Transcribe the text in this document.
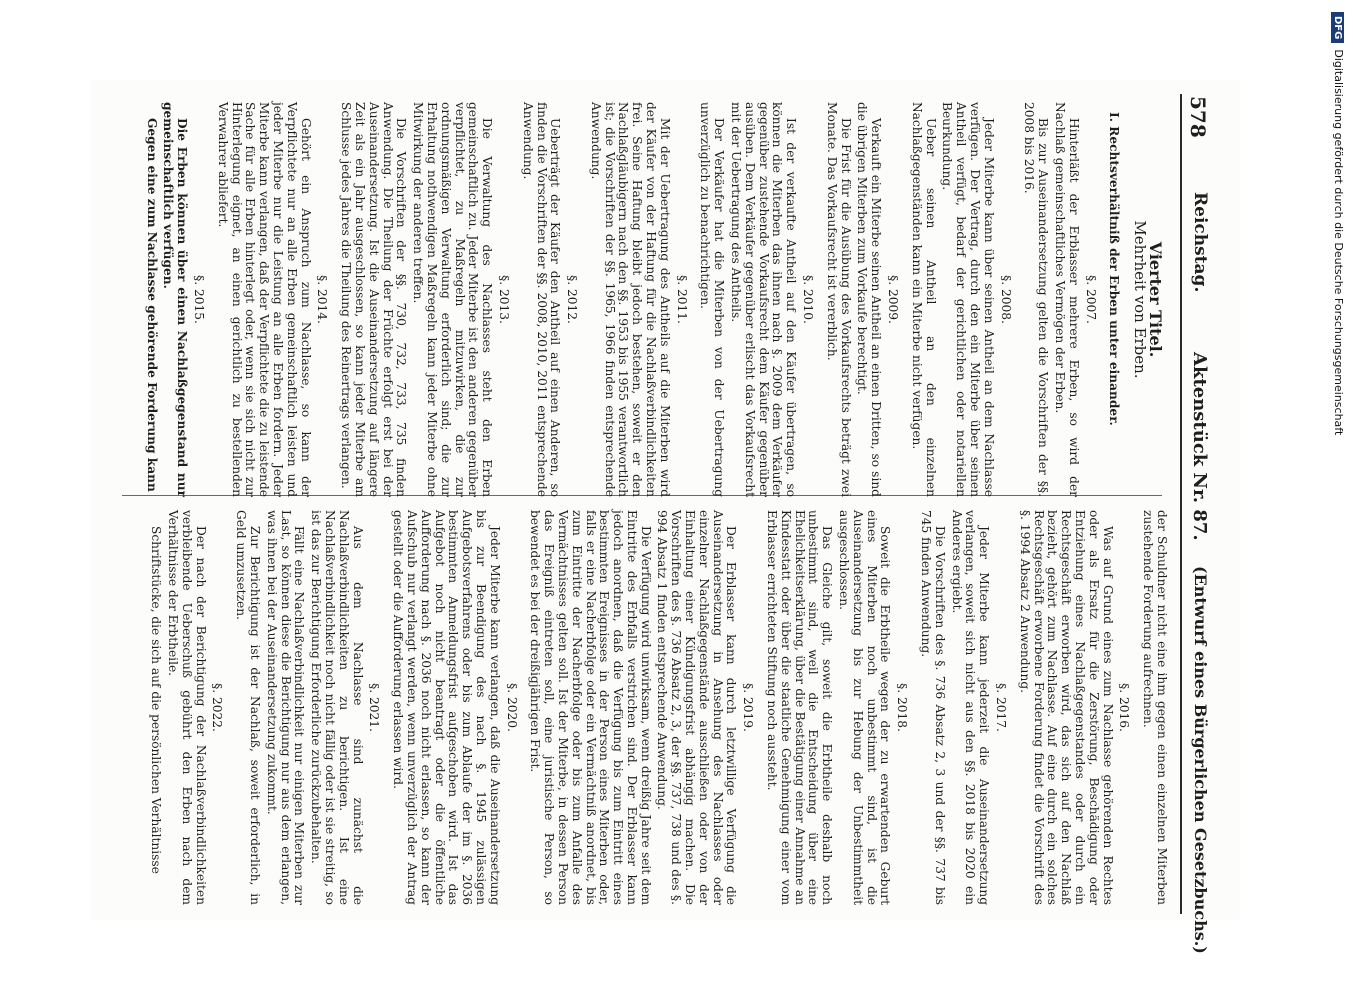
578
Reichstag.
Aktenstück Nr. 87.
(Entwurf eines Bürgerlichen Gesetzbuchs.)
Vierter Titel.
Mehrheit von Erben.
I. Rechtsverhältniß der Erben unter einander.
§. 2007.

Hinterläßt der Erblasser mehrere Erben, so wird der Nachlaß gemeinschaftliches Vermögen der Erben.

Bis zur Auseinandersetzung gelten die Vorschriften der §§. 2008 bis 2016.

§. 2008.

Jeder Miterbe kann über seinen Antheil an dem Nachlasse verfügen. Der Vertrag, durch den ein Miterbe über seinen Antheil verfügt, bedarf der gerichtlichen oder notariellen Beurkundung.

Ueber seinen Antheil an den einzelnen Nachlaßgegenständen kann ein Miterbe nicht verfügen.

§. 2009.

Verkauft ein Miterbe seinen Antheil an einen Dritten, so sind die übrigen Miterben zum Vorkaufe berechtigt.

Die Frist für die Ausübung des Vorkaufsrechts beträgt zwei Monate. Das Vorkaufsrecht ist vererblich.

§. 2010.

Ist der verkaufte Antheil auf den Käufer übertragen, so können die Miterben das ihnen nach §. 2009 dem Verkäufer gegenüber zustehende Vorkaufsrecht dem Käufer gegenüber ausüben. Dem Verkäufer gegenüber erlischt das Vorkaufsrecht mit der Uebertragung des Antheils.

Der Verkäufer hat die Miterben von der Uebertragung unverzüglich zu benachrichtigen.

§. 2011.

Mit der Uebertragung des Antheils auf die Miterben wird der Käufer von der Haftung für die Nachlaßverbindlichkeiten frei. Seine Haftung bleibt jedoch bestehen, soweit er den Nachlaßgläubigern nach den §§. 1953 bis 1955 verantwortlich ist; die Vorschriften der §§. 1965, 1966 finden entsprechende Anwendung.

§. 2012.

Ueberträgt der Käufer den Antheil auf einen Anderen, so finden die Vorschriften der §§. 2008, 2010, 2011 entsprechende Anwendung.

§. 2013.

Die Verwaltung des Nachlasses steht den Erben gemeinschaftlich zu. Jeder Miterbe ist den anderen gegenüber verpflichtet, zu Maßregeln mitzuwirken, die zur ordnungsmäßigen Verwaltung erforderlich sind; die zur Erhaltung nothwendigen Maßregeln kann jeder Miterbe ohne Mitwirkung der anderen treffen.

Die Vorschriften der §§. 730, 732, 733, 735 finden Anwendung. Die Theilung der Früchte erfolgt erst bei der Auseinandersetzung. Ist die Auseinandersetzung auf längere Zeit als ein Jahr ausgeschlossen, so kann jeder Miterbe am Schlusse jedes Jahres die Theilung des Reinertrags verlangen.

§. 2014.

Gehört ein Anspruch zum Nachlasse, so kann der Verpflichtete nur an alle Erben gemeinschaftlich leisten und jeder Miterbe nur die Leistung an alle Erben fordern. Jeder Miterbe kann verlangen, daß der Verpflichtete die zu leistende Sache für alle Erben hinterlegt oder, wenn sie sich nicht zur Hinterlegung eignet, an einen gerichtlich zu bestellenden Verwahrer abliefert.

§. 2015.

Die Erben können über einen Nachlaßgegenstand nur gemeinschaftlich verfügen.

Gegen eine zum Nachlasse gehörende Forderung kann

der Schuldner nicht eine ihm gegen einen einzelnen Miterben zustehende Forderung aufrechnen.

§. 2016.

Was auf Grund eines zum Nachlasse gehörenden Rechtes oder als Ersatz für die Zerstörung, Beschädigung oder Entziehung eines Nachlaßgegenstandes oder durch ein Rechtsgeschäft erworben wird, das sich auf den Nachlaß bezieht, gehört zum Nachlasse. Auf eine durch ein solches Rechtsgeschäft erworbene Forderung findet die Vorschrift des §. 1994 Absatz 2 Anwendung.

§. 2017.

Jeder Miterbe kann jederzeit die Auseinandersetzung verlangen, soweit sich nicht aus den §§. 2018 bis 2020 ein Anderes ergiebt.

Die Vorschriften des §. 736 Absatz 2, 3 und der §§. 737 bis 745 finden Anwendung.

§. 2018.

Soweit die Erbtheile wegen der zu erwartenden Geburt eines Miterben noch unbestimmt sind, ist die Auseinandersetzung bis zur Hebung der Unbestimmtheit ausgeschlossen.

Das Gleiche gilt, soweit die Erbtheile deshalb noch unbestimmt sind, weil die Entscheidung über eine Ehelichkeitserklärung, über die Bestätigung einer Annahme an Kindesstatt oder über die staatliche Genehmigung einer vom Erblasser errichteten Stiftung noch aussteht.

§. 2019.

Der Erblasser kann durch letztwillige Verfügung die Auseinandersetzung in Ansehung des Nachlasses oder einzelner Nachlaßgegenstände ausschließen oder von der Einhaltung einer Kündigungsfrist abhängig machen. Die Vorschriften des §. 736 Absatz 2, 3, der §§. 737, 738 und des §. 994 Absatz 1 finden entsprechende Anwendung.

Die Verfügung wird unwirksam, wenn dreißig Jahre seit dem Eintritte des Erbfalls verstrichen sind. Der Erblasser kann jedoch anordnen, daß die Verfügung bis zum Eintritt eines bestimmten Ereignisses in der Person eines Miterben oder, falls er eine Nacherbfolge oder ein Vermächtniß anordnet, bis zum Eintritte der Nacherbfolge oder bis zum Anfalle des Vermächtnisses gelten soll. Ist der Miterbe, in dessen Person das Ereigniß eintreten soll, eine juristische Person, so bewendet es bei der dreißigjährigen Frist.

§. 2020.

Jeder Miterbe kann verlangen, daß die Auseinandersetzung bis zur Beendigung des nach §. 1945 zulässigen Aufgebotsverfahrens oder bis zum Ablaufe der im §. 2036 bestimmten Anmeldungsfrist aufgeschoben wird. Ist das Aufgebot noch nicht beantragt oder die öffentliche Aufforderung nach §. 2036 noch nicht erlassen, so kann der Aufschub nur verlangt werden, wenn unverzüglich der Antrag gestellt oder die Aufforderung erlassen wird.

§. 2021.

Aus dem Nachlasse sind zunächst die Nachlaßverbindlichkeiten zu berichtigen. Ist eine Nachlaßverbindlichkeit noch nicht fällig oder ist sie streitig, so ist das zur Berichtigung Erforderliche zurückzubehalten.

Fällt eine Nachlaßverbindlichkeit nur einigen Miterben zur Last, so können diese die Berichtigung nur aus dem erlangen, was ihnen bei der Auseinandersetzung zukommt.

Zur Berichtigung ist der Nachlaß, soweit erforderlich, in Geld umzusetzen.

§. 2022.

Der nach der Berichtigung der Nachlaßverbindlichkeiten verbleibende Ueberschuß gebührt den Erben nach dem Verhältnisse der Erbtheile.

Schriftstücke, die sich auf die persönlichen Verhältnisse

DFGDigitalisierung gefördert durch die Deutsche Forschungsgemeinschaft
